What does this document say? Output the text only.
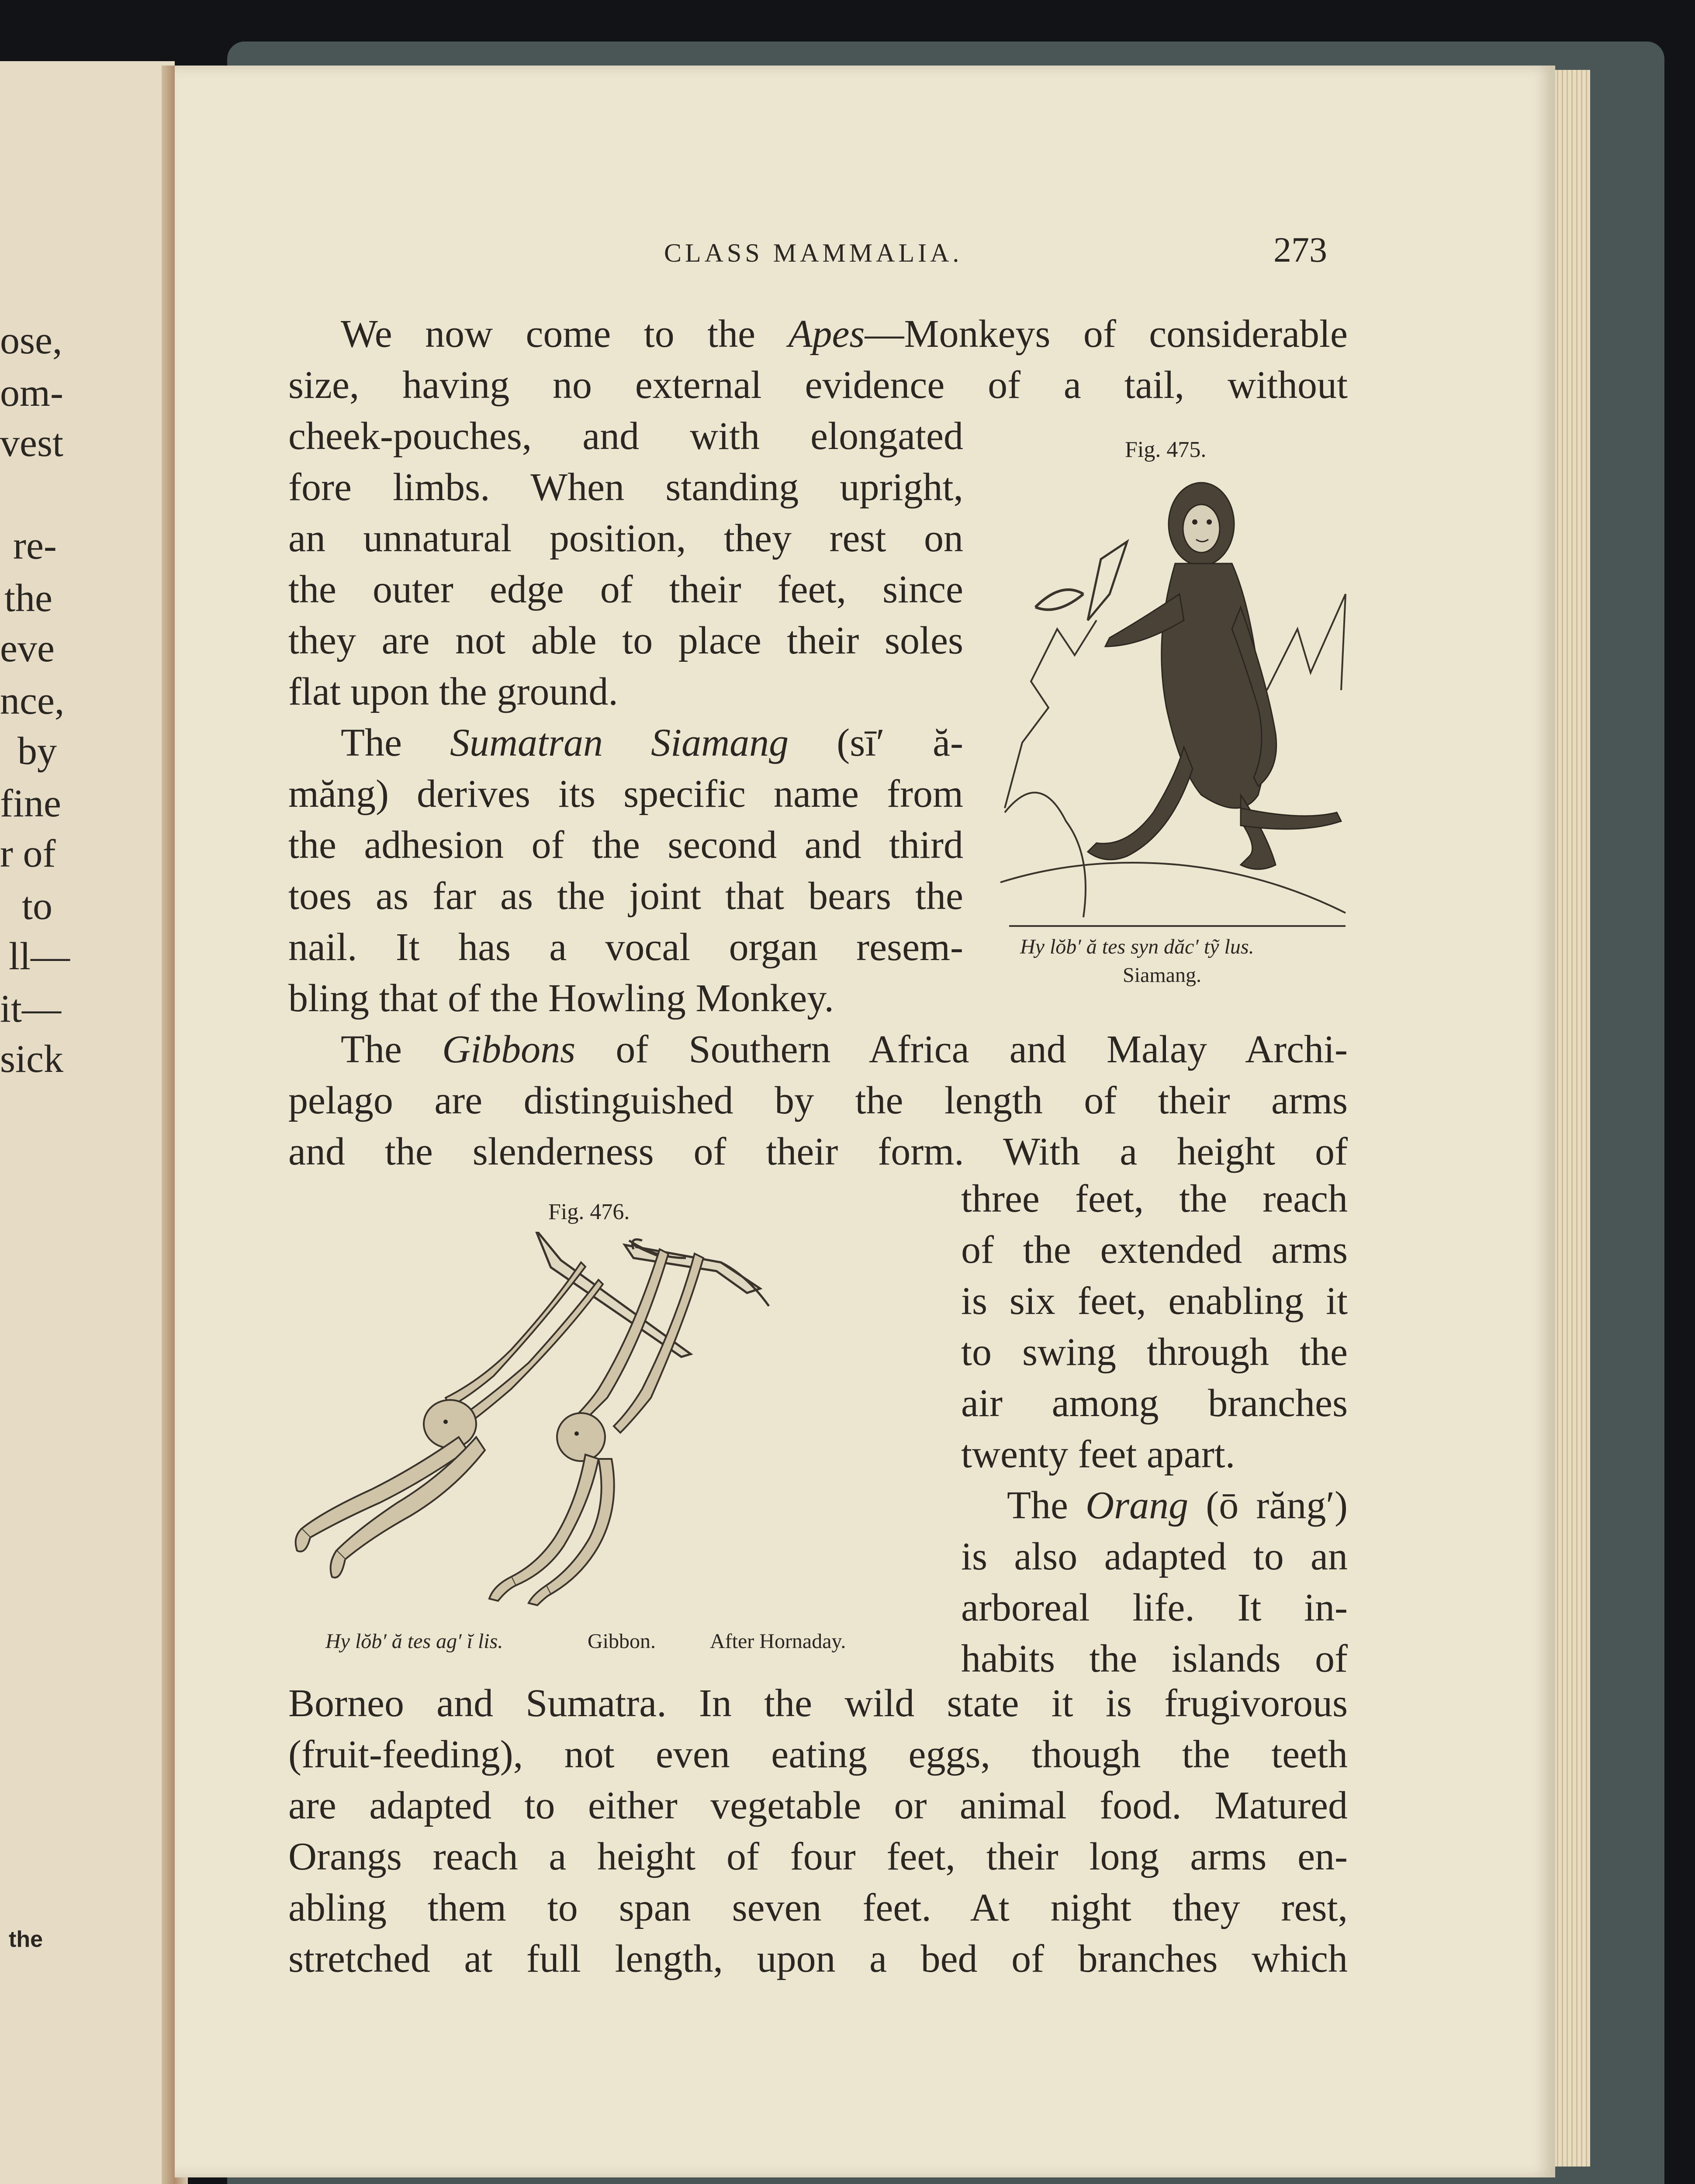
ose,
om-
vest
re-
the
eve
nce,
by
fine
r of
to
ll—
it—
sick
the
CLASS MAMMALIA.	273
We now come to the Apes—Monkeys of considerable
size, having no external evidence of a tail, without
cheek-pouches, and with elongated
fore limbs. When standing upright,
an unnatural position, they rest on
the outer edge of their feet, since
they are not able to place their soles
flat upon the ground.
The Sumatran Siamang (sī′ ă-
măng) derives its specific name from
the adhesion of the second and third
toes as far as the joint that bears the
nail. It has a vocal organ resem-
bling that of the Howling Monkey.
The Gibbons of Southern Africa and Malay Archi-
pelago are distinguished by the length of their arms
and the slenderness of their form. With a height of
three feet, the reach
of the extended arms
is six feet, enabling it
to swing through the
air among branches
twenty feet apart.
The Orang (ō răng′)
is also adapted to an
arboreal life. It in-
habits the islands of
Borneo and Sumatra. In the wild state it is frugivorous
(fruit-feeding), not even eating eggs, though the teeth
are adapted to either vegetable or animal food. Matured
Orangs reach a height of four feet, their long arms en-
abling them to span seven feet. At night they rest,
stretched at full length, upon a bed of branches which
Fig. 475.
Hy lŏb′ ă tes syn dăc′ tỹ lus.
Siamang.
Fig. 476.
Hy lŏb′ ă tes ag′ ĭ lis.	Gibbon.	After Hornaday.
